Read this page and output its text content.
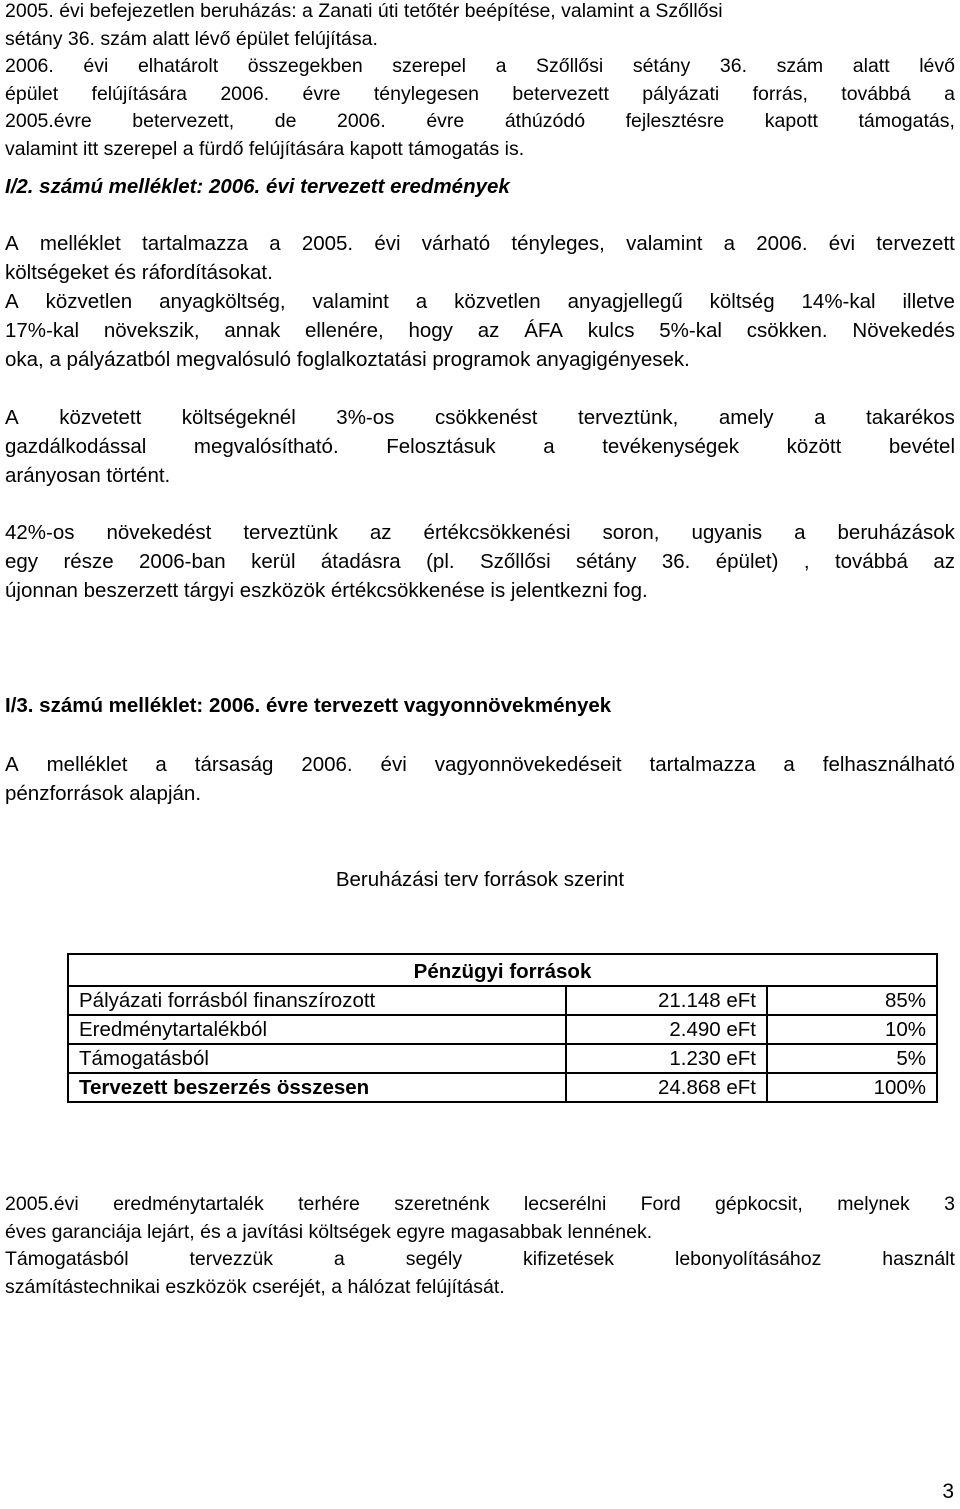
2005. évi befejezetlen beruházás: a Zanati úti tetőtér beépítése, valamint a Szőllősi

sétány 36. szám alatt lévő épület felújítása.

2006. évi elhatárolt összegekben szerepel a Szőllősi sétány 36. szám alatt lévő

épület felújítására 2006. évre ténylegesen betervezett pályázati forrás, továbbá a

2005.évre betervezett, de 2006. évre áthúzódó fejlesztésre kapott támogatás,

valamint itt szerepel a fürdő felújítására kapott támogatás is.

I/2. számú melléklet: 2006. évi tervezett eredmények

A melléklet tartalmazza a 2005. évi várható tényleges, valamint a 2006. évi tervezett

költségeket és ráfordításokat.

A közvetlen anyagköltség, valamint a közvetlen anyagjellegű költség 14%-kal illetve

17%-kal növekszik, annak ellenére, hogy az ÁFA kulcs 5%-kal csökken. Növekedés

oka, a pályázatból megvalósuló foglalkoztatási programok anyagigényesek.

A közvetett költségeknél 3%-os csökkenést terveztünk, amely a takarékos

gazdálkodással megvalósítható. Felosztásuk a tevékenységek között bevétel

arányosan történt.

42%-os növekedést terveztünk az értékcsökkenési soron, ugyanis a beruházások

egy része 2006-ban kerül átadásra (pl. Szőllősi sétány 36. épület) , továbbá az

újonnan beszerzett tárgyi eszközök értékcsökkenése is jelentkezni fog.

I/3. számú melléklet: 2006. évre tervezett vagyonnövekmények

A melléklet a társaság 2006. évi vagyonnövekedéseit tartalmazza a felhasználható

pénzforrások alapján.

2005.évi eredménytartalék terhére szeretnénk lecserélni Ford gépkocsit, melynek 3

éves garanciája lejárt, és a javítási költségek egyre magasabbak lennének.

Támogatásból	tervezzük	a	segély	kifizetések	lebonyolításához	használt

számítástechnikai eszközök cseréjét, a hálózat felújítását.

Beruházási terv források szerint
Pénzügyi források		
Pályázati forrásból finanszírozott	21.148 eFt	85%
Eredménytartalékból	2.490 eFt	10%
Támogatásból	1.230 eFt	5%
Tervezett beszerzés összesen	24.868 eFt	100%
3
